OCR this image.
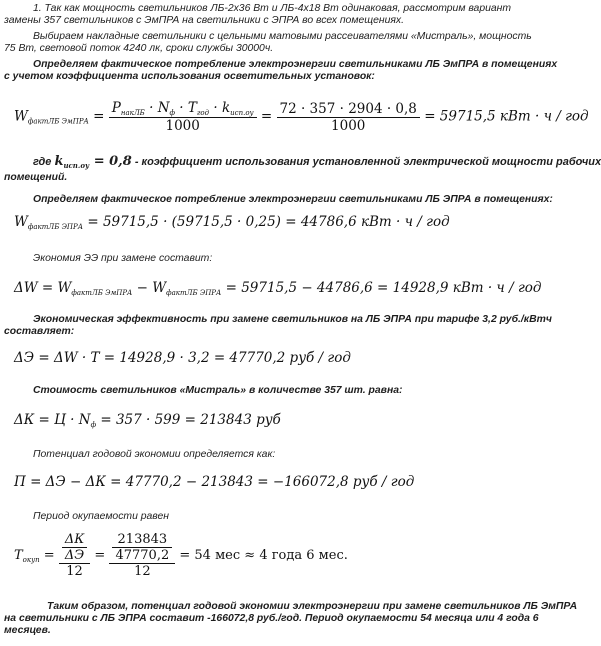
1. Так как мощность светильников ЛБ-2х36 Вт и ЛБ-4х18 Вт одинаковая, рассмотрим вариант
замены 357 светильников с ЭмПРА на светильники с ЭПРА во всех помещениях.
Выбираем накладные светильники с цельными матовыми рассеивателями «Мистраль», мощность
75 Вт, световой поток 4240 лк, сроки службы 30000ч.
Определяем фактическое потребление электроэнергии светильниками ЛБ ЭмПРА в помещениях
с учетом коэффициента использования осветительных установок:
$W_{фактЛБ ЭмПРА} = \frac{P_{накЛБ} \cdot N_ф \cdot T_{год} \cdot k_{исп.оу}}{1000} = \frac{72 \cdot 357 \cdot 2904 \cdot 0,8}{1000} = 59715,5$ кВт · ч / год
где $k_{исп.оу} = 0,8$ - коэффициент использования установленной электрической мощности рабочих
помещений.
Определяем фактическое потребление электроэнергии светильниками ЛБ ЭПРА в помещениях:
$W_{фактЛБ ЭПРА} = 59715,5 \cdot (59715,5 \cdot 0,25) = 44786,6$ кВт · ч / год
Экономия ЭЭ при замене составит:
$\Delta W = W_{фактЛБ ЭмПРА} - W_{фактЛБ ЭПРА} = 59715,5 - 44786,6 = 14928,9$ кВт · ч / год
Экономическая эффективность при замене светильников на ЛБ ЭПРА при тарифе 3,2 руб./кВтч
составляет:
ΔЭ = ΔW · T = 14928,9 · 3,2 = 47770,2 руб / год
Стоимость светильников «Мистраль» в количестве 357 шт. равна:
$\Delta К = Ц \cdot N_ф = 357 \cdot 599 = 213843$ руб
Потенциал годовой экономии определяется как:
П = ΔЭ − ΔК = 47770,2 − 213843 = −166072,8 руб / год
Период окупаемости равен
$T_{окуп} = \frac{\frac{\Delta К}{\Delta Э}}{12} = \frac{\frac{213843}{47770,2}}{12} = 54$ мес ≈ 4 года 6 мес.
Таким образом, потенциал годовой экономии электроэнергии при замене светильников ЛБ ЭмПРА
на светильники с ЛБ ЭПРА составит -166072,8 руб./год. Период окупаемости 54 месяца или 4 года 6
месяцев.
